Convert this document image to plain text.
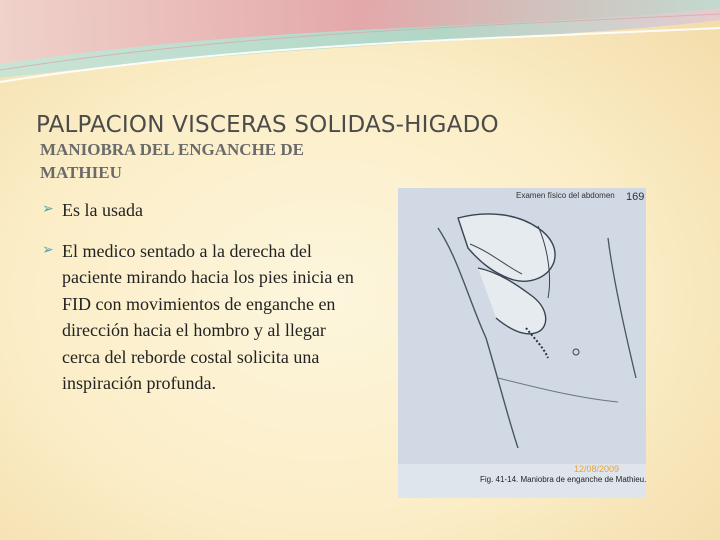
PALPACION VISCERAS SOLIDAS-HIGADO
MANIOBRA DEL ENGANCHE DE MATHIEU
➢ Es la usada
➢ El medico sentado a la derecha del paciente mirando hacia los pies inicia en FID con movimientos de enganche en dirección hacia el hombro y al llegar cerca del reborde costal solicita una inspiración profunda.
Examen físico del abdomen 169
Fig. 41-14. Maniobra de enganche de Mathieu.
12/08/2009
